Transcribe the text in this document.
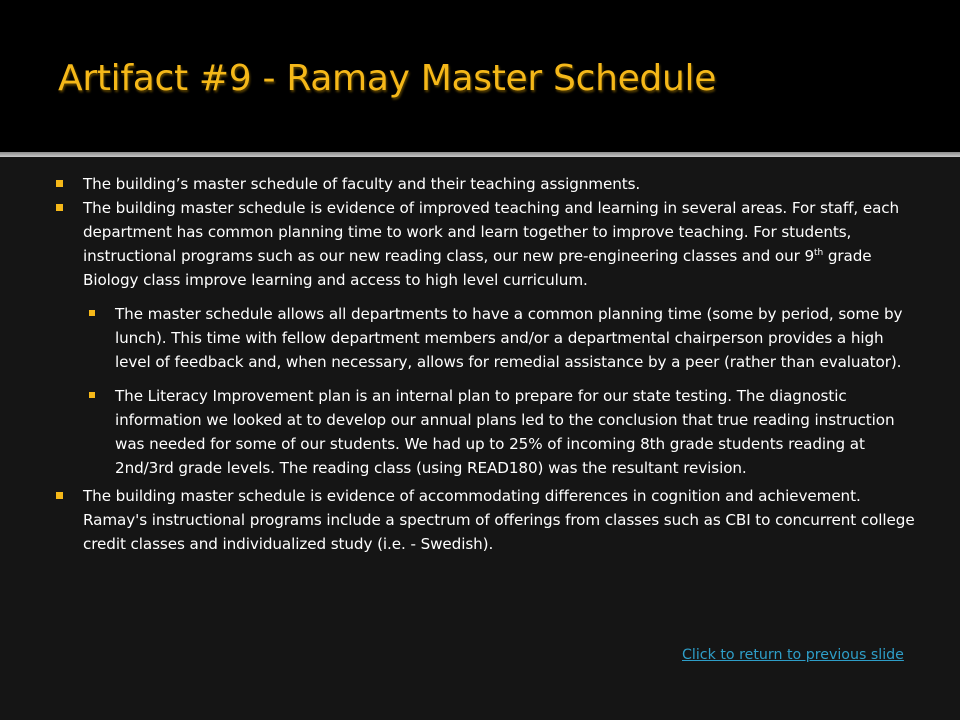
Artifact #9 - Ramay Master Schedule
The building’s master schedule of faculty and their teaching assignments.
The building master schedule is evidence of improved teaching and learning in several areas. For staff, each department has common planning time to work and learn together to improve teaching. For students, instructional programs such as our new reading class, our new pre-engineering classes and our 9th grade Biology class improve learning and access to high level curriculum.
The master schedule allows all departments to have a common planning time (some by period, some by lunch). This time with fellow department members and/or a departmental chairperson provides a high level of feedback and, when necessary, allows for remedial assistance by a peer (rather than evaluator).
The Literacy Improvement plan is an internal plan to prepare for our state testing. The diagnostic information we looked at to develop our annual plans led to the conclusion that true reading instruction was needed for some of our students. We had up to 25% of incoming 8th grade students reading at 2nd/3rd grade levels. The reading class (using READ180) was the resultant revision.
The building master schedule is evidence of accommodating differences in cognition and achievement. Ramay's instructional programs include a spectrum of offerings from classes such as CBI to concurrent college credit classes and individualized study (i.e. - Swedish).
Click to return to previous slide
